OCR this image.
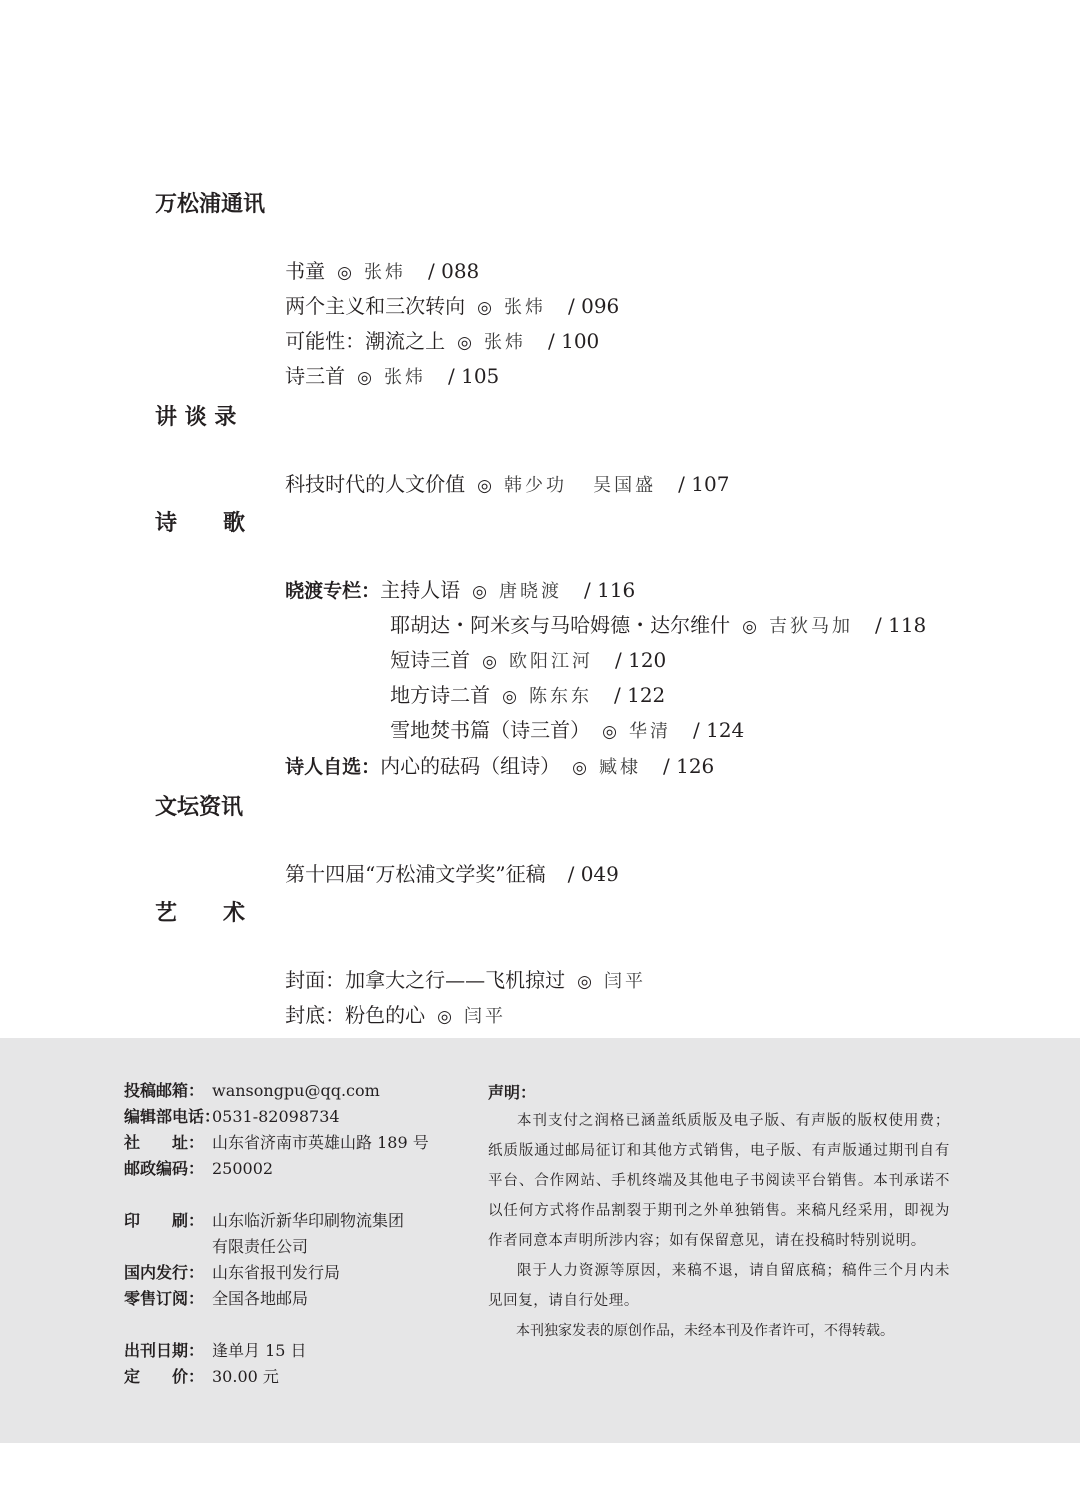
万松浦通讯

书童 ◎ 张炜 / 088

两个主义和三次转向 ◎ 张炜 / 096

可能性：潮流之上 ◎ 张炜 / 100

诗三首 ◎ 张炜 / 105

讲 谈 录

科技时代的人文价值 ◎ 韩少功   吴国盛 / 107

诗      歌

晓渡专栏：主持人语 ◎ 唐晓渡 / 116

耶胡达・阿米亥与马哈姆德・达尔维什 ◎ 吉狄马加 / 118

短诗三首 ◎ 欧阳江河 / 120

地方诗二首 ◎ 陈东东 / 122

雪地焚书篇（诗三首） ◎ 华清 / 124

诗人自选：内心的砝码（组诗） ◎ 臧棣 / 126

文坛资讯

第十四届“万松浦文学奖”征稿 / 049

艺      术

封面：加拿大之行——飞机掠过 ◎ 闫平

封底：粉色的心 ◎ 闫平

投稿邮箱： wansongpu@qq.com
编辑部电话：0531-82098734
社　　址： 山东省济南市英雄山路 189 号
邮政编码： 250002
印　　刷： 山东临沂新华印刷物流集团
有限责任公司
国内发行： 山东省报刊发行局
零售订阅： 全国各地邮局
出刊日期： 逢单月 15 日
定　　价： 30.00 元
声明：

本刊支付之润格已涵盖纸质版及电子版、有声版的版权使用费；纸质版通过邮局征订和其他方式销售，电子版、有声版通过期刊自有平台、合作网站、手机终端及其他电子书阅读平台销售。本刊承诺不以任何方式将作品割裂于期刊之外单独销售。来稿凡经采用，即视为作者同意本声明所涉内容；如有保留意见，请在投稿时特别说明。

限于人力资源等原因，来稿不退，请自留底稿；稿件三个月内未见回复，请自行处理。

本刊独家发表的原创作品，未经本刊及作者许可，不得转载。
